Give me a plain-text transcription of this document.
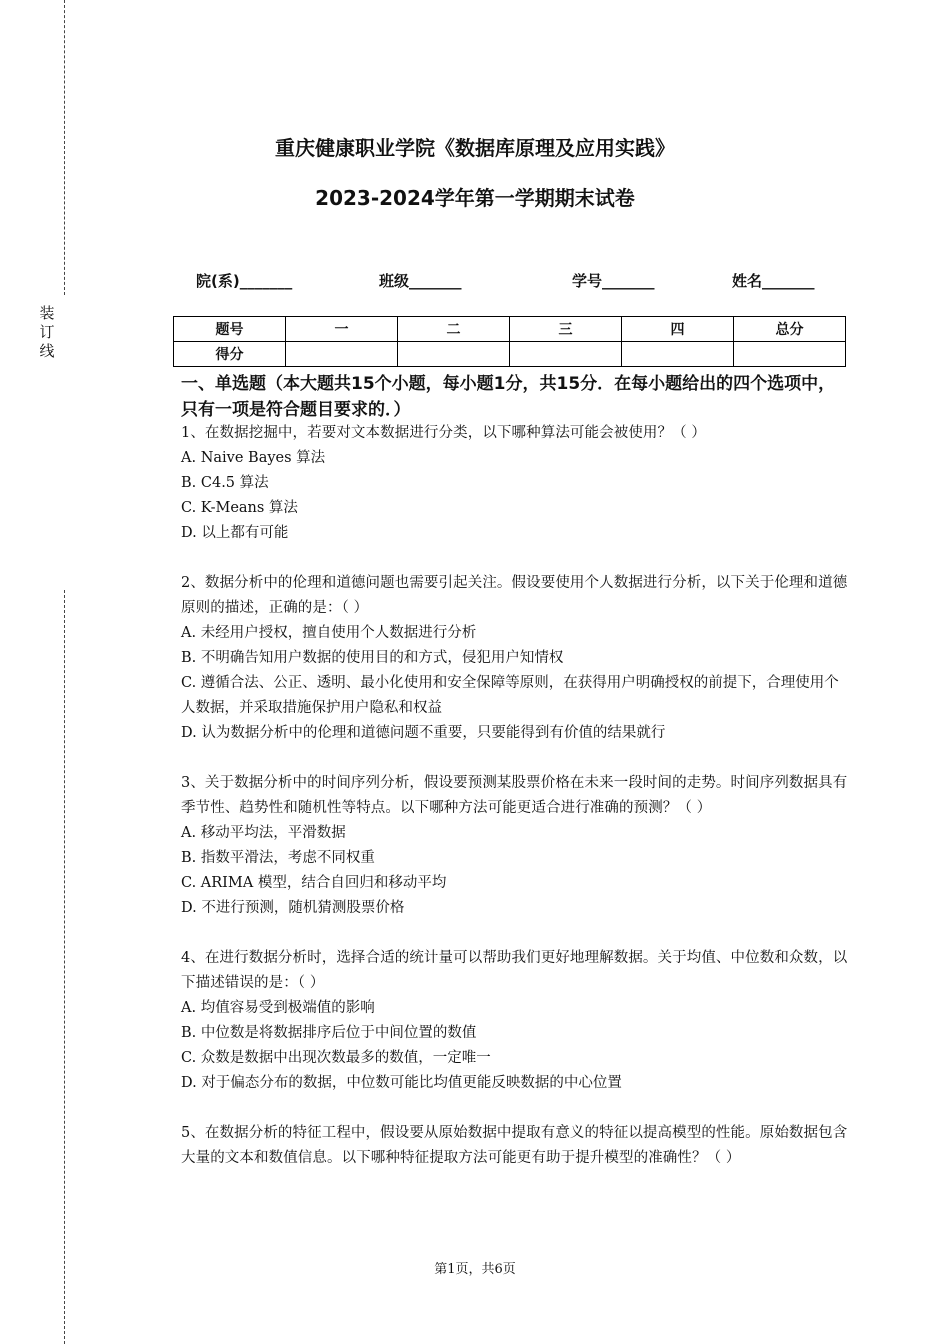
装
订
线
重庆健康职业学院《数据库原理及应用实践》
2023-2024学年第一学期期末试卷
院(系)_______	班级_______	学号_______	姓名_______
题号	一	二	三	四	总分
得分					

一、单选题（本大题共15个小题，每小题1分，共15分．在每小题给出的四个选项中，只有一项是符合题目要求的．）

1、在数据挖掘中，若要对文本数据进行分类，以下哪种算法可能会被使用？（ ）

A. Naive Bayes 算法

B. C4.5 算法

C. K-Means 算法

D. 以上都有可能

2、数据分析中的伦理和道德问题也需要引起关注。假设要使用个人数据进行分析，以下关于伦理和道德原则的描述，正确的是：（ ）

A. 未经用户授权，擅自使用个人数据进行分析

B. 不明确告知用户数据的使用目的和方式，侵犯用户知情权

C. 遵循合法、公正、透明、最小化使用和安全保障等原则，在获得用户明确授权的前提下，合理使用个人数据，并采取措施保护用户隐私和权益

D. 认为数据分析中的伦理和道德问题不重要，只要能得到有价值的结果就行

3、关于数据分析中的时间序列分析，假设要预测某股票价格在未来一段时间的走势。时间序列数据具有季节性、趋势性和随机性等特点。以下哪种方法可能更适合进行准确的预测？（ ）

A. 移动平均法，平滑数据

B. 指数平滑法，考虑不同权重

C. ARIMA 模型，结合自回归和移动平均

D. 不进行预测，随机猜测股票价格

4、在进行数据分析时，选择合适的统计量可以帮助我们更好地理解数据。关于均值、中位数和众数，以下描述错误的是：（ ）

A. 均值容易受到极端值的影响

B. 中位数是将数据排序后位于中间位置的数值

C. 众数是数据中出现次数最多的数值，一定唯一

D. 对于偏态分布的数据，中位数可能比均值更能反映数据的中心位置

5、在数据分析的特征工程中，假设要从原始数据中提取有意义的特征以提高模型的性能。原始数据包含大量的文本和数值信息。以下哪种特征提取方法可能更有助于提升模型的准确性？（ ）

第1页，共6页
